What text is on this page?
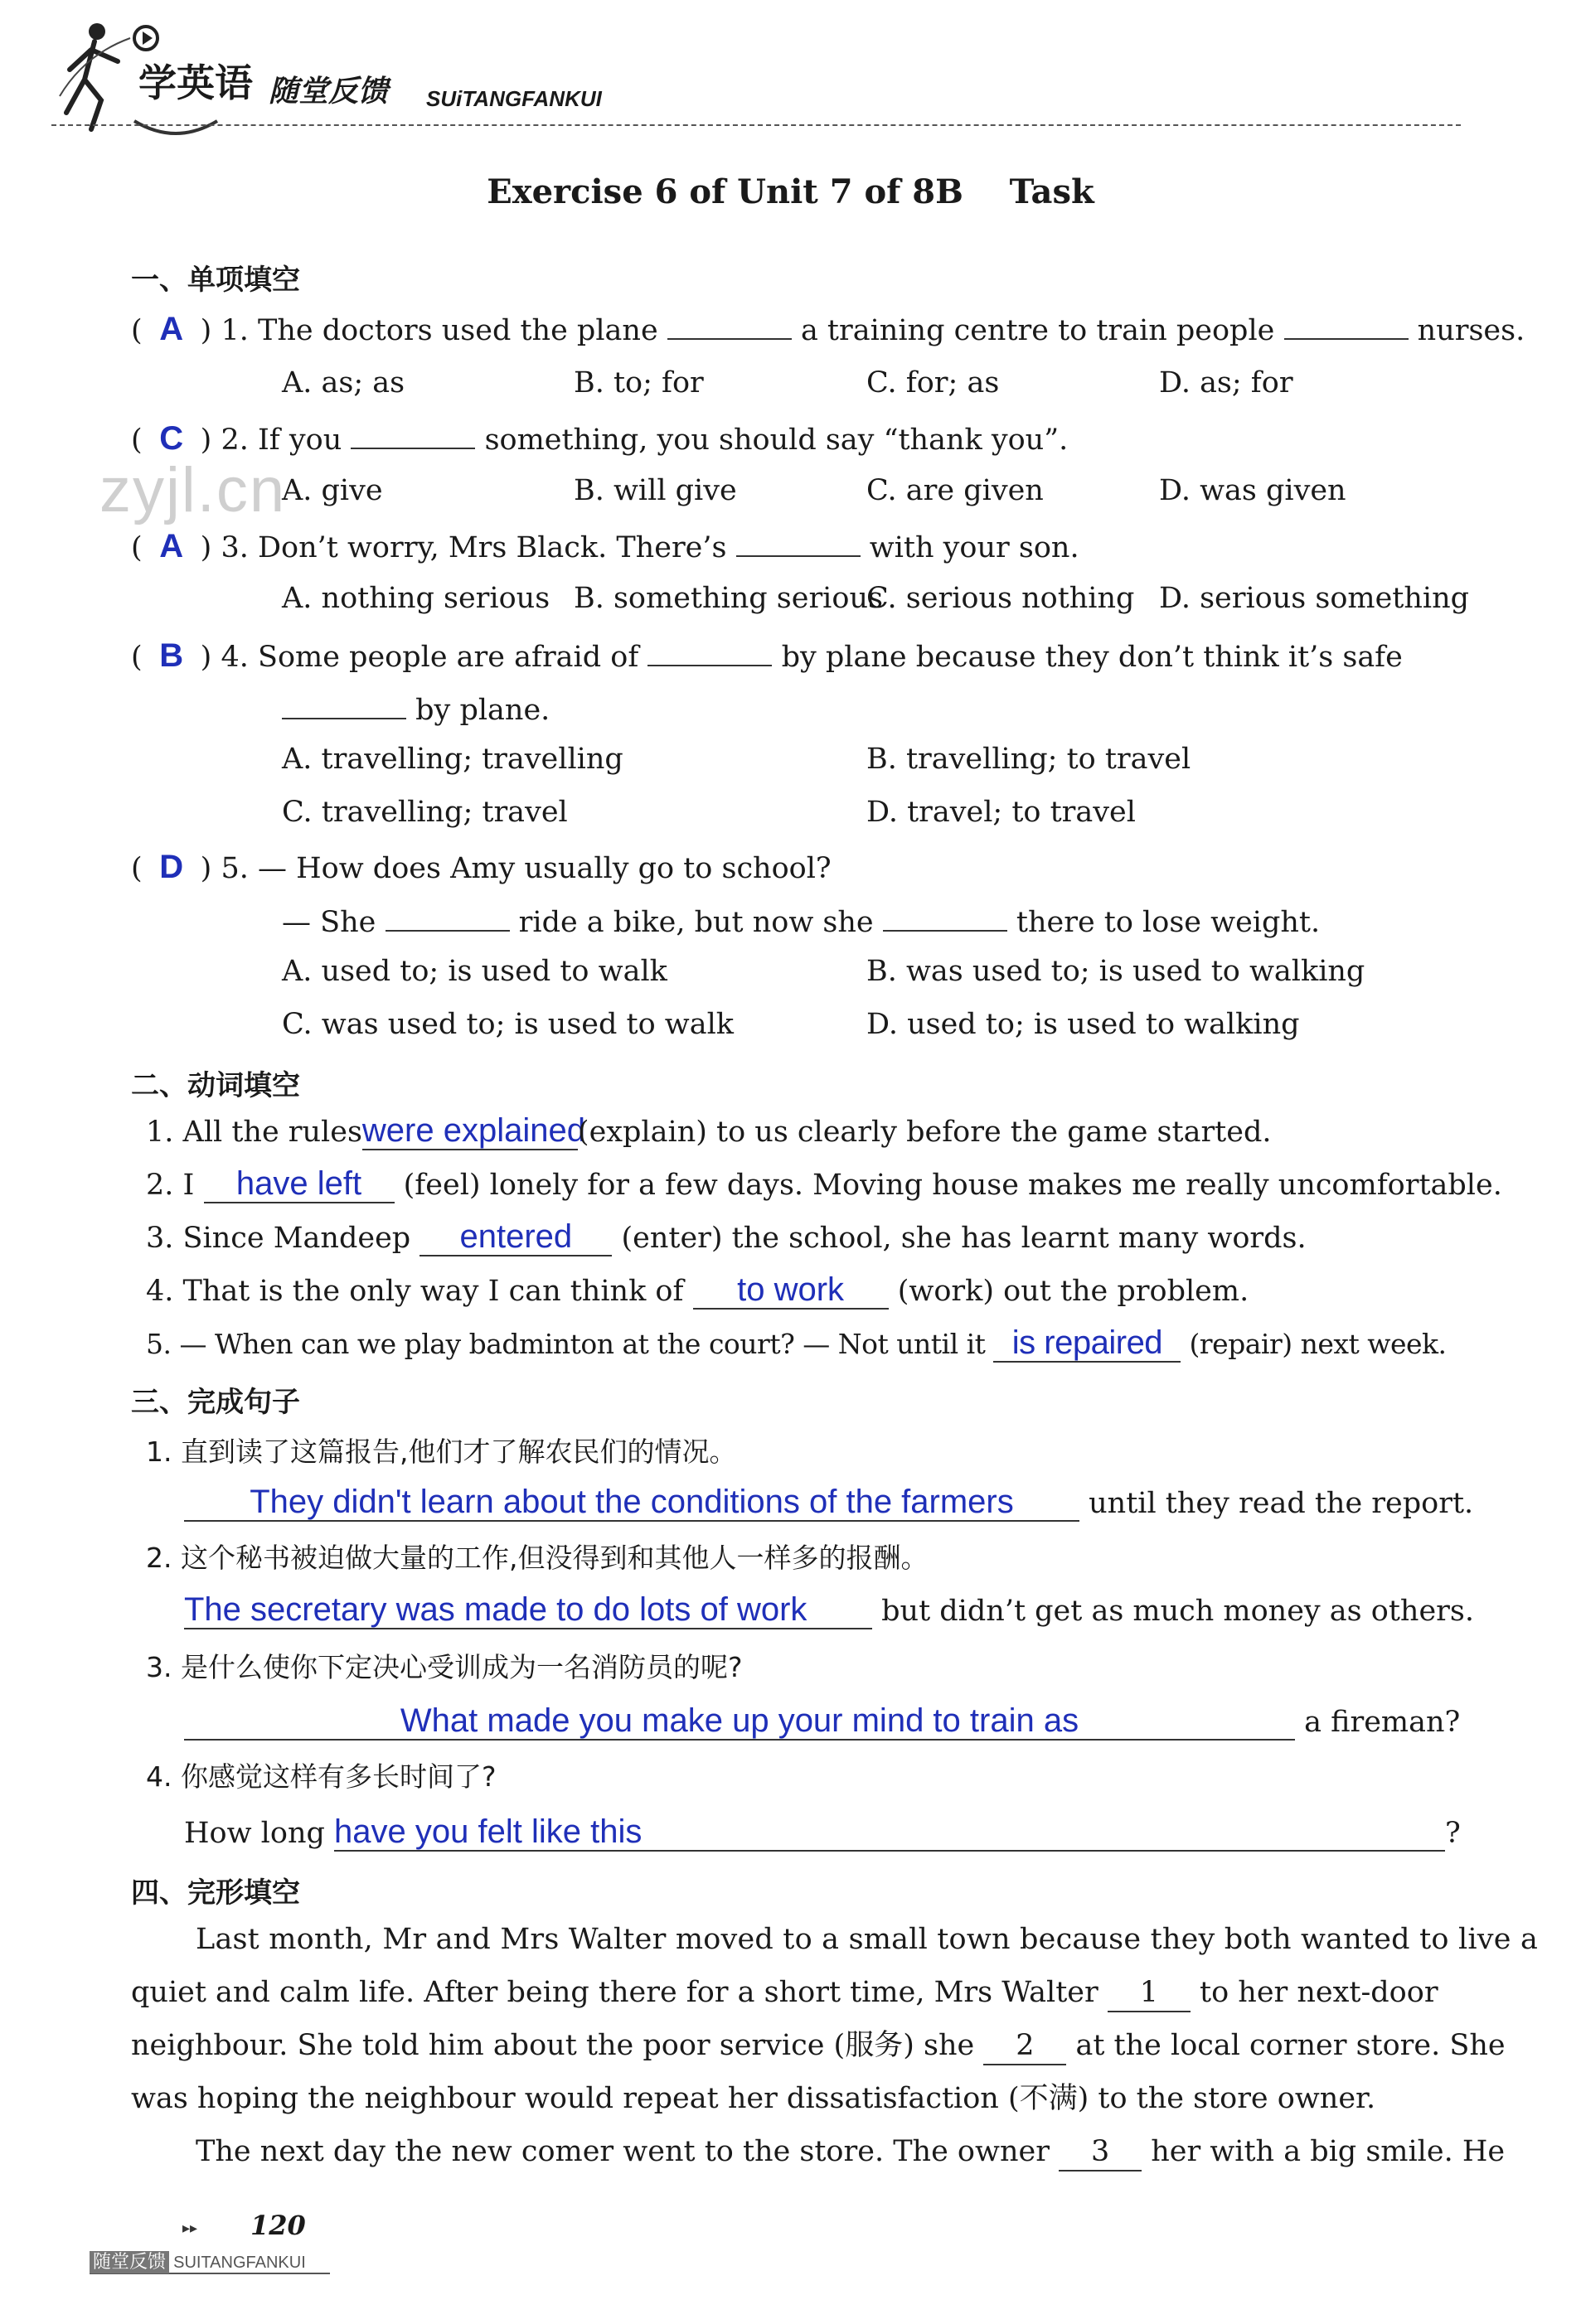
学英语 随堂反馈 SUiTANGFANKUI
Exercise 6 of Unit 7 of 8B    Task
zyjl.cn
一、单项填空
( A ) 1. The doctors used the plane	a training centre to train people	nurses.
A. as; as	B. to; for	C. for; as	D. as; for
( C ) 2. If you	something, you should say “thank you”.
A. give	B. will give	C. are given	D. was given
( A ) 3. Don’t worry, Mrs Black. There’s	with your son.
A. nothing serious B. something serious
C. serious nothing D. serious something
( B ) 4. Some people are afraid of	by plane because they don’t think it’s safe
by plane.
A. travelling; travelling	B. travelling; to travel
C. travelling; travel	D. travel; to travel
( D ) 5. — How does Amy usually go to school?
— She	ride a bike, but now she	there to lose weight.
A. used to; is used to walk	B. was used to; is used to walking
C. was used to; is used to walk	D. used to; is used to walking
二、动词填空
1. All the ruleswere explained(explain) to us clearly before the game started.
2. I have left (feel) lonely for a few days. Moving house makes me really uncomfortable.
3. Since Mandeep entered (enter) the school, she has learnt many words.
4. That is the only way I can think of to work (work) out the problem.
5. — When can we play badminton at the court? — Not until it is repaired (repair) next week.
三、完成句子
1. 直到读了这篇报告,他们才了解农民们的情况。
They didn't learn about the conditions of the farmers	until they read the report.
2. 这个秘书被迫做大量的工作,但没得到和其他人一样多的报酬。
The secretary was made to do lots of work	but didn’t get as much money as others.
3. 是什么使你下定决心受训成为一名消防员的呢?
What made you make up your mind to train as	a fireman?
4. 你感觉这样有多长时间了?
How long have you felt like this	?
四、完形填空
Last month, Mr and Mrs Walter moved to a small town because they both wanted to live a
quiet and calm life. After being there for a short time, Mrs Walter 1 to her next-door
neighbour. She told him about the poor service (服务) she 2 at the local corner store. She
was hoping the neighbour would repeat her dissatisfaction (不满) to the store owner.
The next day the new comer went to the store. The owner 3 her with a big smile. He
▸▸ 120
随堂反馈 SUITANGFANKUI
